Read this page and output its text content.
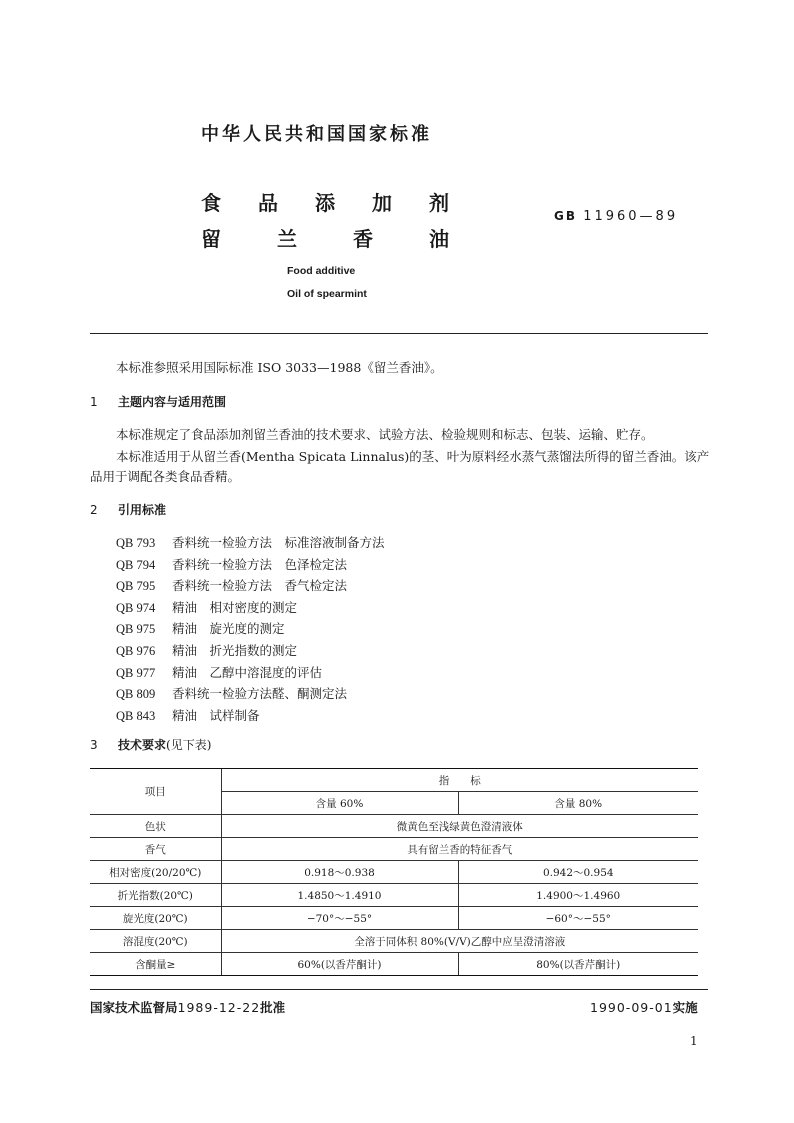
中华人民共和国国家标准
食 品 添 加 剂
留	兰	香	油
GB 11960—89
Food additive
Oil of spearmint
本标准参照采用国际标准 ISO 3033—1988《留兰香油》。
1 主题内容与适用范围
本标准规定了食品添加剂留兰香油的技术要求、试验方法、检验规则和标志、包装、运输、贮存。
本标准适用于从留兰香(Mentha Spicata Linnalus)的茎、叶为原料经水蒸气蒸馏法所得的留兰香油。该产品用于调配各类食品香精。
2 引用标准
QB 793 香料统一检验方法　标准溶液制备方法
QB 794 香料统一检验方法　色泽检定法
QB 795 香料统一检验方法　香气检定法
QB 974 精油　相对密度的测定
QB 975 精油　旋光度的测定
QB 976 精油　折光指数的测定
QB 977 精油　乙醇中溶混度的评估
QB 809 香料统一检验方法醛、酮测定法
QB 843 精油　试样制备
3 技术要求(见下表)
项目	指　　标	
	含量 60%	含量 80%
色状	微黄色至浅绿黄色澄清液体	
香气	具有留兰香的特征香气	
相对密度(20/20℃)	0.918～0.938	0.942～0.954
折光指数(20℃)	1.4850～1.4910	1.4900～1.4960
旋光度(20℃)	−70°～−55°	−60°～−55°
溶混度(20℃)	全溶于同体积 80%(V/V)乙醇中应呈澄清溶液	
含酮量≥	60%(以香芹酮计)	80%(以香芹酮计)
国家技术监督局1989-12-22批准	1990-09-01实施
1
